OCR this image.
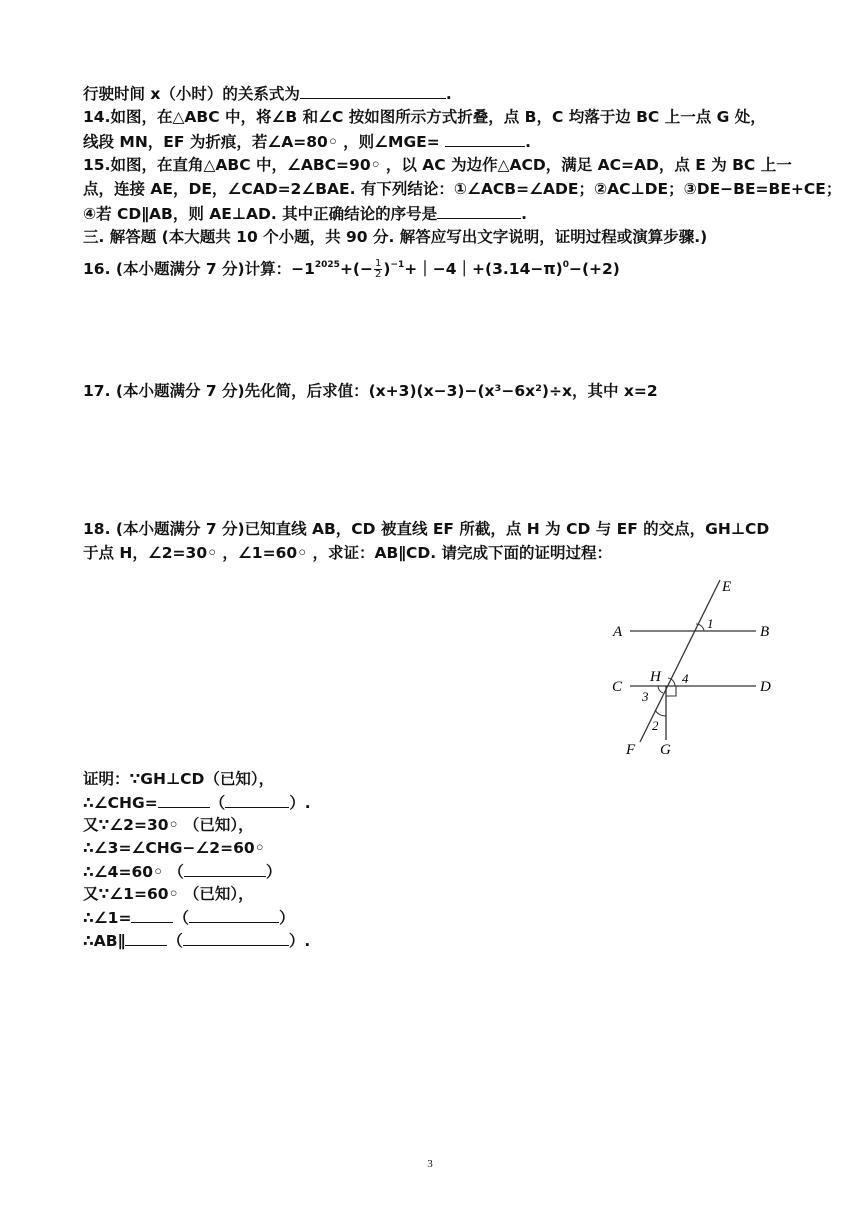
行驶时间 x（小时）的关系式为	.
14.如图，在△ABC 中，将∠B 和∠C 按如图所示方式折叠，点 B，C 均落于边 BC 上一点 G 处，
线段 MN，EF 为折痕，若∠A=80◦ ，则∠MGE=	.
15.如图，在直角△ABC 中，∠ABC=90◦ ，以 AC 为边作△ACD，满足 AC=AD，点 E 为 BC 上一
点，连接 AE，DE，∠CAD=2∠BAE. 有下列结论：①∠ACB=∠ADE；②AC⊥DE；③DE−BE=BE+CE；
④若 CD∥AB，则 AE⊥AD. 其中正确结论的序号是	.
三. 解答题 (本大题共 10 个小题，共 90 分. 解答应写出文字说明，证明过程或演算步骤.)
16. (本小题满分 7 分)计算：$-1^{2025}+(- \frac{1}{2}$ )$^{-1}+|-4|+(3.14-\pi)^0-(+2)$
17. (本小题满分 7 分)先化简，后求值：(x+3)(x−3)−(x³−6x²)÷x，其中 x=2
18. (本小题满分 7 分)已知直线 AB，CD 被直线 EF 所截，点 H 为 CD 与 EF 的交点，GH⊥CD
于点 H，∠2=30◦ ，∠1=60◦ ，求证：AB∥CD. 请完成下面的证明过程：
E
A	B
C
H
D
F G
1
4
3
2
证明：∵GH⊥CD（已知），
∴∠CHG=	（	）.
又∵∠2=30◦ （已知），
∴∠3=∠CHG−∠2=60◦
∴∠4=60◦ （	）
又∵∠1=60◦ （已知），
∴∠1=	（	）
∴AB∥	（	）.
3
